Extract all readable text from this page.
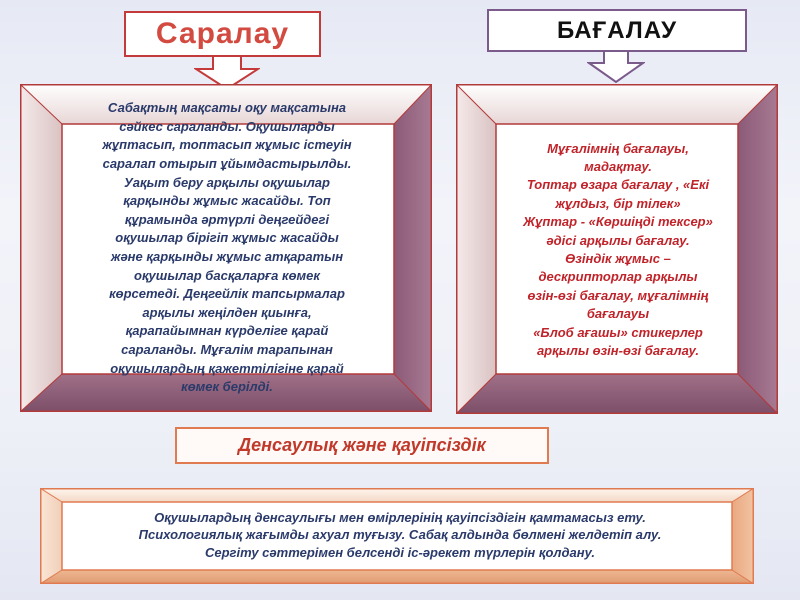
Саралау	БАҒАЛАУ
Сабақтың мақсаты оқу мақсатына
сәйкес сараланды. Оқушыларды
жұптасып, топтасып жұмыс істеуін
саралап отырып ұйымдастырылды.
Уақыт беру арқылы оқушылар
қарқынды жұмыс жасайды. Топ
құрамында әртүрлі деңгейдегі
оқушылар бірігіп жұмыс жасайды
және қарқынды жұмыс атқаратын
оқушылар басқаларға көмек
көрсетеді. Деңгейлік тапсырмалар
арқылы жеңілден қиынға,
қарапайымнан күрделіге қарай
сараланды. Мұғалім тарапынан
оқушылардың қажеттілігіне қарай
көмек берілді.
Мұғалімнің бағалауы,
мадақтау.
Топтар өзара бағалау , «Екі
жұлдыз, бір тілек»
Жұптар - «Көршіңді тексер»
әдісі арқылы бағалау.
Өзіндік жұмыс –
дескрипторлар арқылы
өзін-өзі бағалау, мұғалімнің
бағалауы
«Блоб ағашы» стикерлер
арқылы өзін-өзі бағалау.
Денсаулық және қауіпсіздік
Оқушылардың денсаулығы мен өмірлерінің қауіпсіздігін қамтамасыз ету.
Психологиялық жағымды ахуал туғызу. Сабақ алдында бөлмені желдетіп алу.
Сергіту сәттерімен белсенді іс-әрекет түрлерін қолдану.
